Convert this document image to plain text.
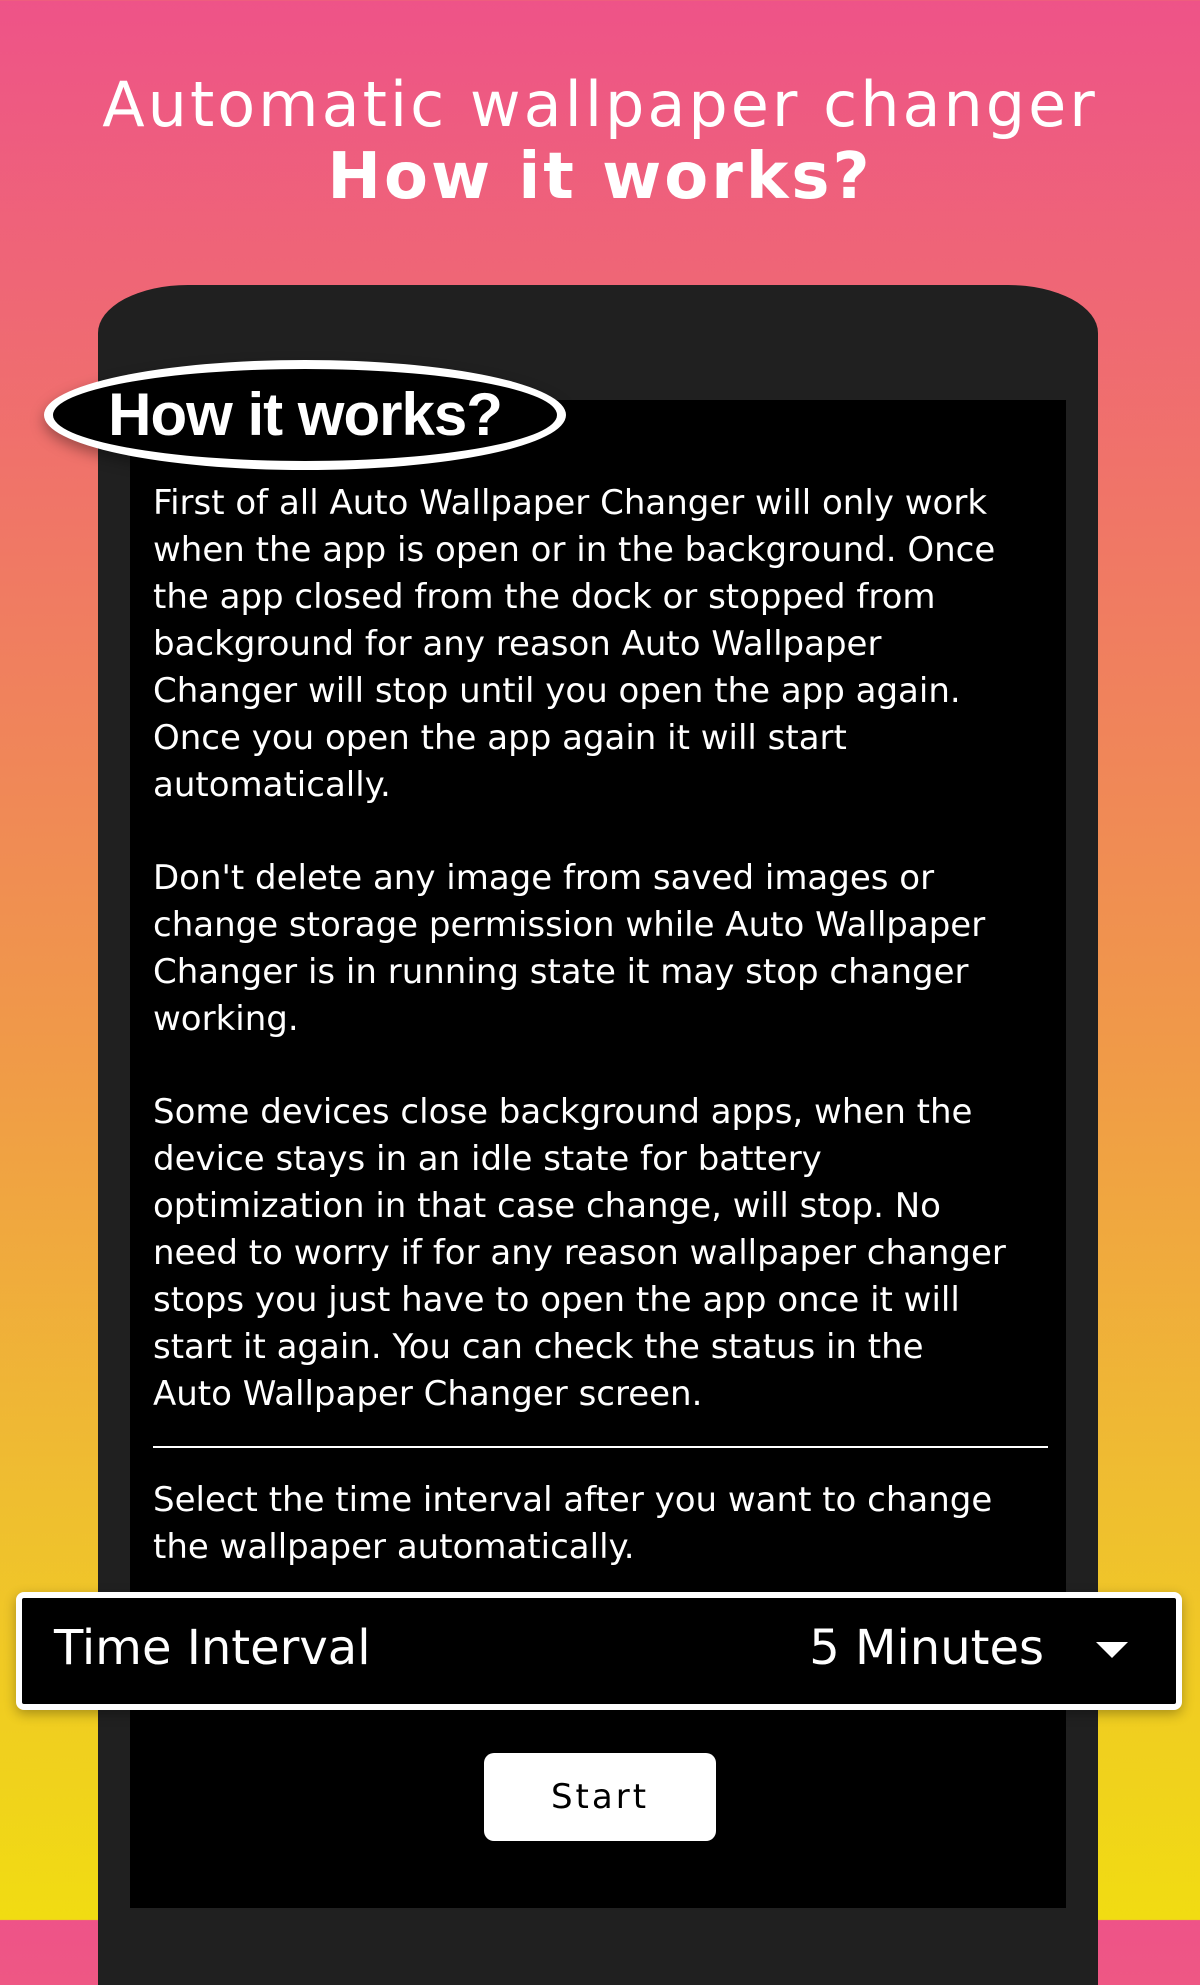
Automatic wallpaper changer
How it works?
How it works?
First of all Auto Wallpaper Changer will only work
when the app is open or in the background. Once
the app closed from the dock or stopped from
background for any reason Auto Wallpaper
Changer will stop until you open the app again.
Once you open the app again it will start
automatically.
Don't delete any image from saved images or
change storage permission while Auto Wallpaper
Changer is in running state it may stop changer
working.
Some devices close background apps, when the
device stays in an idle state for battery
optimization in that case change, will stop. No
need to worry if for any reason wallpaper changer
stops you just have to open the app once it will
start it again. You can check the status in the
Auto Wallpaper Changer screen.
Select the time interval after you want to change
the wallpaper automatically.
Time Interval	5 Minutes
Start
